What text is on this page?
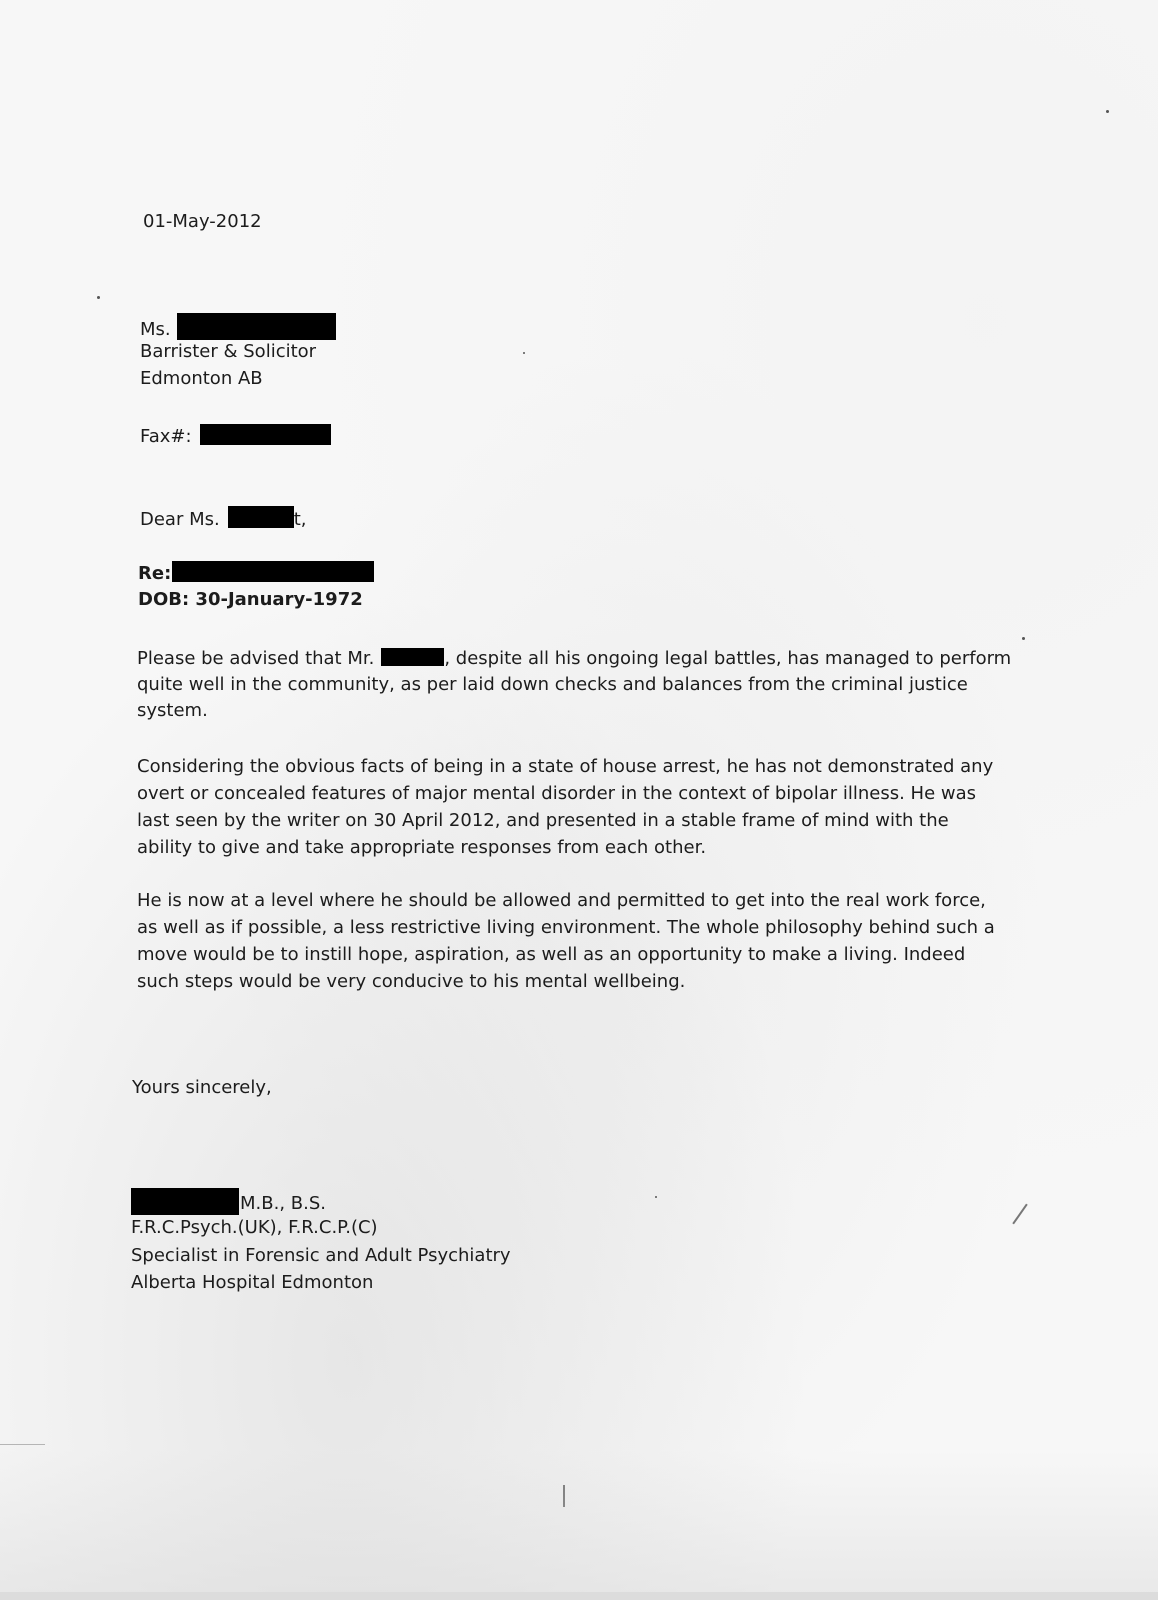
01-May-2012
Ms.
Barrister & Solicitor
Edmonton AB
Fax#:
Dear Ms.	t,
Re:
DOB: 30-January-1972
Please be advised that Mr.	, despite all his ongoing legal battles, has managed to perform
quite well in the community, as per laid down checks and balances from the criminal justice
system.
Considering the obvious facts of being in a state of house arrest, he has not demonstrated any
overt or concealed features of major mental disorder in the context of bipolar illness. He was
last seen by the writer on 30 April 2012, and presented in a stable frame of mind with the
ability to give and take appropriate responses from each other.
He is now at a level where he should be allowed and permitted to get into the real work force,
as well as if possible, a less restrictive living environment. The whole philosophy behind such a
move would be to instill hope, aspiration, as well as an opportunity to make a living. Indeed
such steps would be very conducive to his mental wellbeing.
Yours sincerely,
M.B., B.S.
F.R.C.Psych.(UK), F.R.C.P.(C)
Specialist in Forensic and Adult Psychiatry
Alberta Hospital Edmonton
